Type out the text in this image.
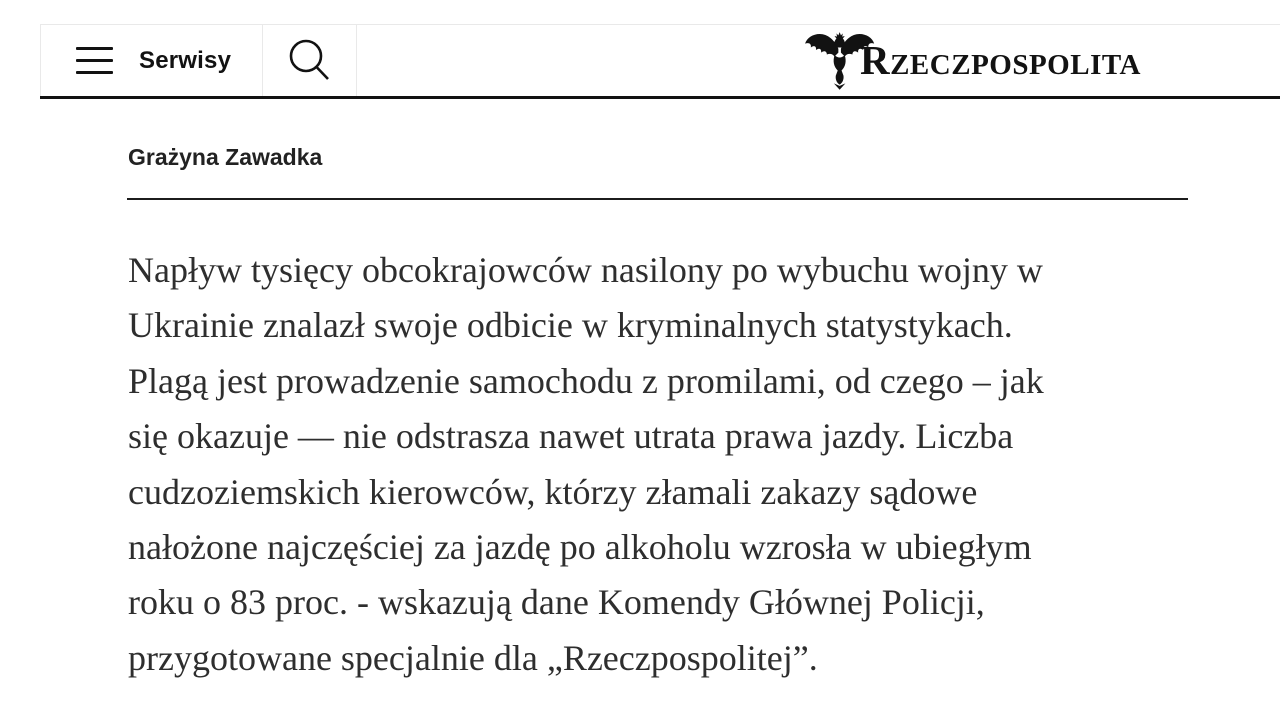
Serwisy	Rzeczpospolita
Grażyna Zawadka
Napływ tysięcy obcokrajowców nasilony po wybuchu wojny w
Ukrainie znalazł swoje odbicie w kryminalnych statystykach.
Plagą jest prowadzenie samochodu z promilami, od czego – jak
się okazuje — nie odstrasza nawet utrata prawa jazdy. Liczba
cudzoziemskich kierowców, którzy złamali zakazy sądowe
nałożone najczęściej za jazdę po alkoholu wzrosła w ubiegłym
roku o 83 proc. - wskazują dane Komendy Głównej Policji,
przygotowane specjalnie dla „Rzeczpospolitej”.
